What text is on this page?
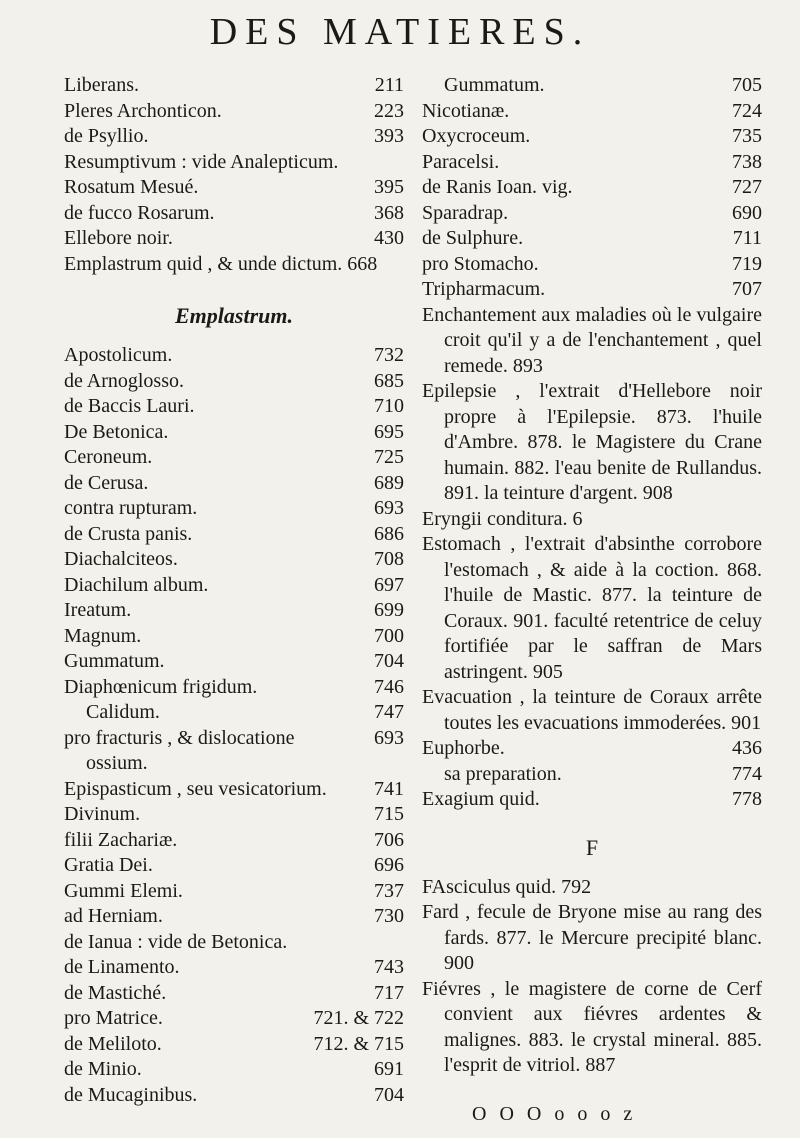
DES MATIERES.
Liberans.	211
Pleres Archonticon.	223
de Psyllio.	393
Resumptivum : vide Analepticum.
Rosatum Mesué.	395
de fucco Rosarum.	368
Ellebore noir.	430
Emplastrum quid , & unde dictum. 668
Emplastrum.
Apostolicum.	732
de Arnoglosso.	685
de Baccis Lauri.	710
De Betonica.	695
Ceroneum.	725
de Cerusa.	689
contra rupturam.	693
de Crusta panis.	686
Diachalciteos.	708
Diachilum album.	697
Ireatum.	699
Magnum.	700
Gummatum.	704
Diaphœnicum frigidum.	746
Calidum.	747
pro fracturis , & dislocatione ossium.
693
Epispasticum , seu vesicatorium.	741
Divinum.	715
filii Zachariæ.	706
Gratia Dei.	696
Gummi Elemi.	737
ad Herniam.	730
de Ianua : vide de Betonica.
de Linamento.	743
de Mastiché.	717
pro Matrice.	721. & 722
de Meliloto.	712. & 715
de Minio.	691
de Mucaginibus.	704
Gummatum.	705
Nicotianæ.	724
Oxycroceum.	735
Paracelsi.	738
de Ranis Ioan. vig.	727
Sparadrap.	690
de Sulphure.	711
pro Stomacho.	719
Tripharmacum.	707
Enchantement aux maladies où le vulgaire croit qu'il y a de l'enchantement , quel remede. 893
Epilepsie , l'extrait d'Hellebore noir propre à l'Epilepsie. 873. l'huile d'Ambre. 878. le Magistere du Crane humain. 882. l'eau benite de Rullandus. 891. la teinture d'argent. 908
Eryngii conditura. 6
Estomach , l'extrait d'absinthe corrobore l'estomach , & aide à la coction. 868. l'huile de Mastic. 877. la teinture de Coraux. 901. faculté retentrice de celuy fortifiée par le saffran de Mars astringent. 905
Evacuation , la teinture de Coraux arrête toutes les evacuations immoderées. 901
Euphorbe.	436
sa preparation.	774
Exagium quid.	778
F
FAsciculus quid. 792
Fard , fecule de Bryone mise au rang des fards. 877. le Mercure precipité blanc. 900
Fiévres , le magistere de corne de Cerf convient aux fiévres ardentes & malignes. 883. le crystal mineral. 885. l'esprit de vitriol. 887
O O O o o o z
